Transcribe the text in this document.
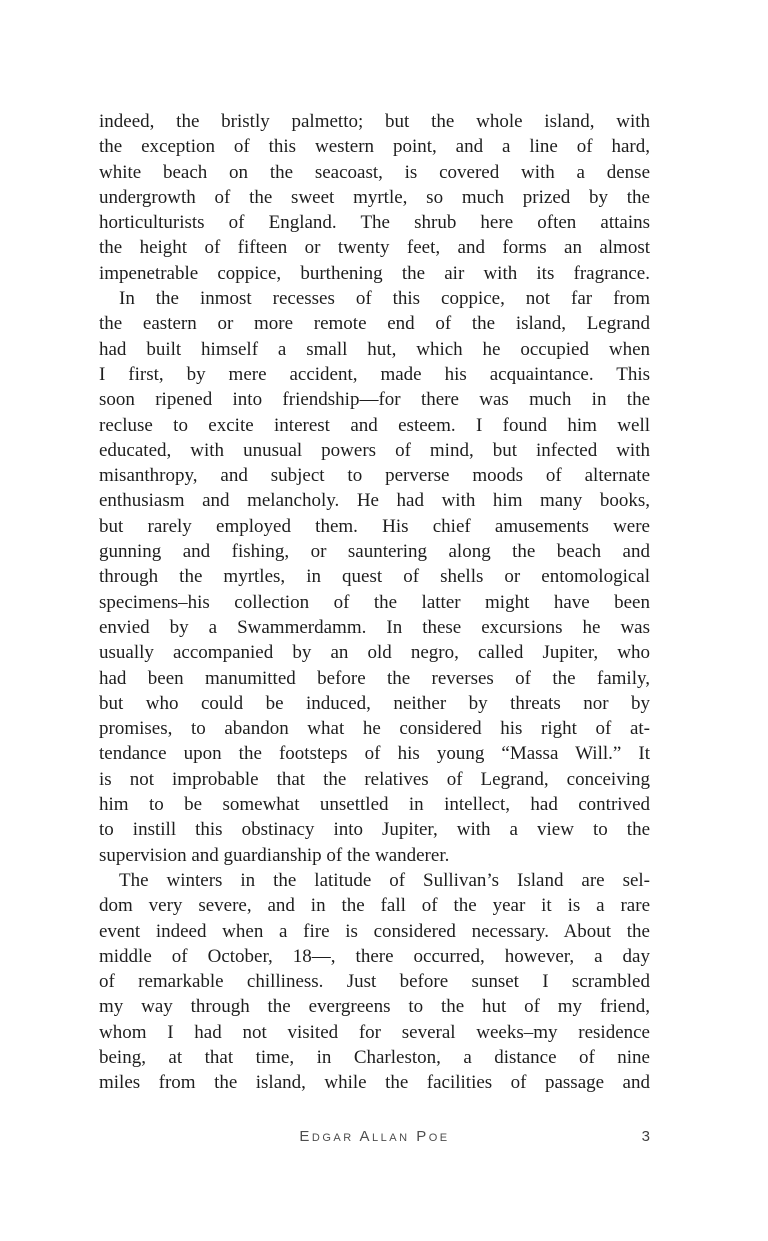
indeed, the bristly palmetto; but the whole island, with
the exception of this western point, and a line of hard,
white beach on the seacoast, is covered with a dense
undergrowth of the sweet myrtle, so much prized by the
horticulturists of England. The shrub here often attains
the height of fifteen or twenty feet, and forms an almost
impenetrable coppice, burthening the air with its fragrance.
In the inmost recesses of this coppice, not far from
the eastern or more remote end of the island, Legrand
had built himself a small hut, which he occupied when
I first, by mere accident, made his acquaintance. This
soon ripened into friendship—for there was much in the
recluse to excite interest and esteem. I found him well
educated, with unusual powers of mind, but infected with
misanthropy, and subject to perverse moods of alternate
enthusiasm and melancholy. He had with him many books,
but rarely employed them. His chief amusements were
gunning and fishing, or sauntering along the beach and
through the myrtles, in quest of shells or entomological
specimens–his collection of the latter might have been
envied by a Swammerdamm. In these excursions he was
usually accompanied by an old negro, called Jupiter, who
had been manumitted before the reverses of the family,
but who could be induced, neither by threats nor by
promises, to abandon what he considered his right of at-
tendance upon the footsteps of his young “Massa Will.” It
is not improbable that the relatives of Legrand, conceiving
him to be somewhat unsettled in intellect, had contrived
to instill this obstinacy into Jupiter, with a view to the
supervision and guardianship of the wanderer.
The winters in the latitude of Sullivan’s Island are sel-
dom very severe, and in the fall of the year it is a rare
event indeed when a fire is considered necessary. About the
middle of October, 18—, there occurred, however, a day
of remarkable chilliness. Just before sunset I scrambled
my way through the evergreens to the hut of my friend,
whom I had not visited for several weeks–my residence
being, at that time, in Charleston, a distance of nine
miles from the island, while the facilities of passage and
Edgar Allan Poe	3
